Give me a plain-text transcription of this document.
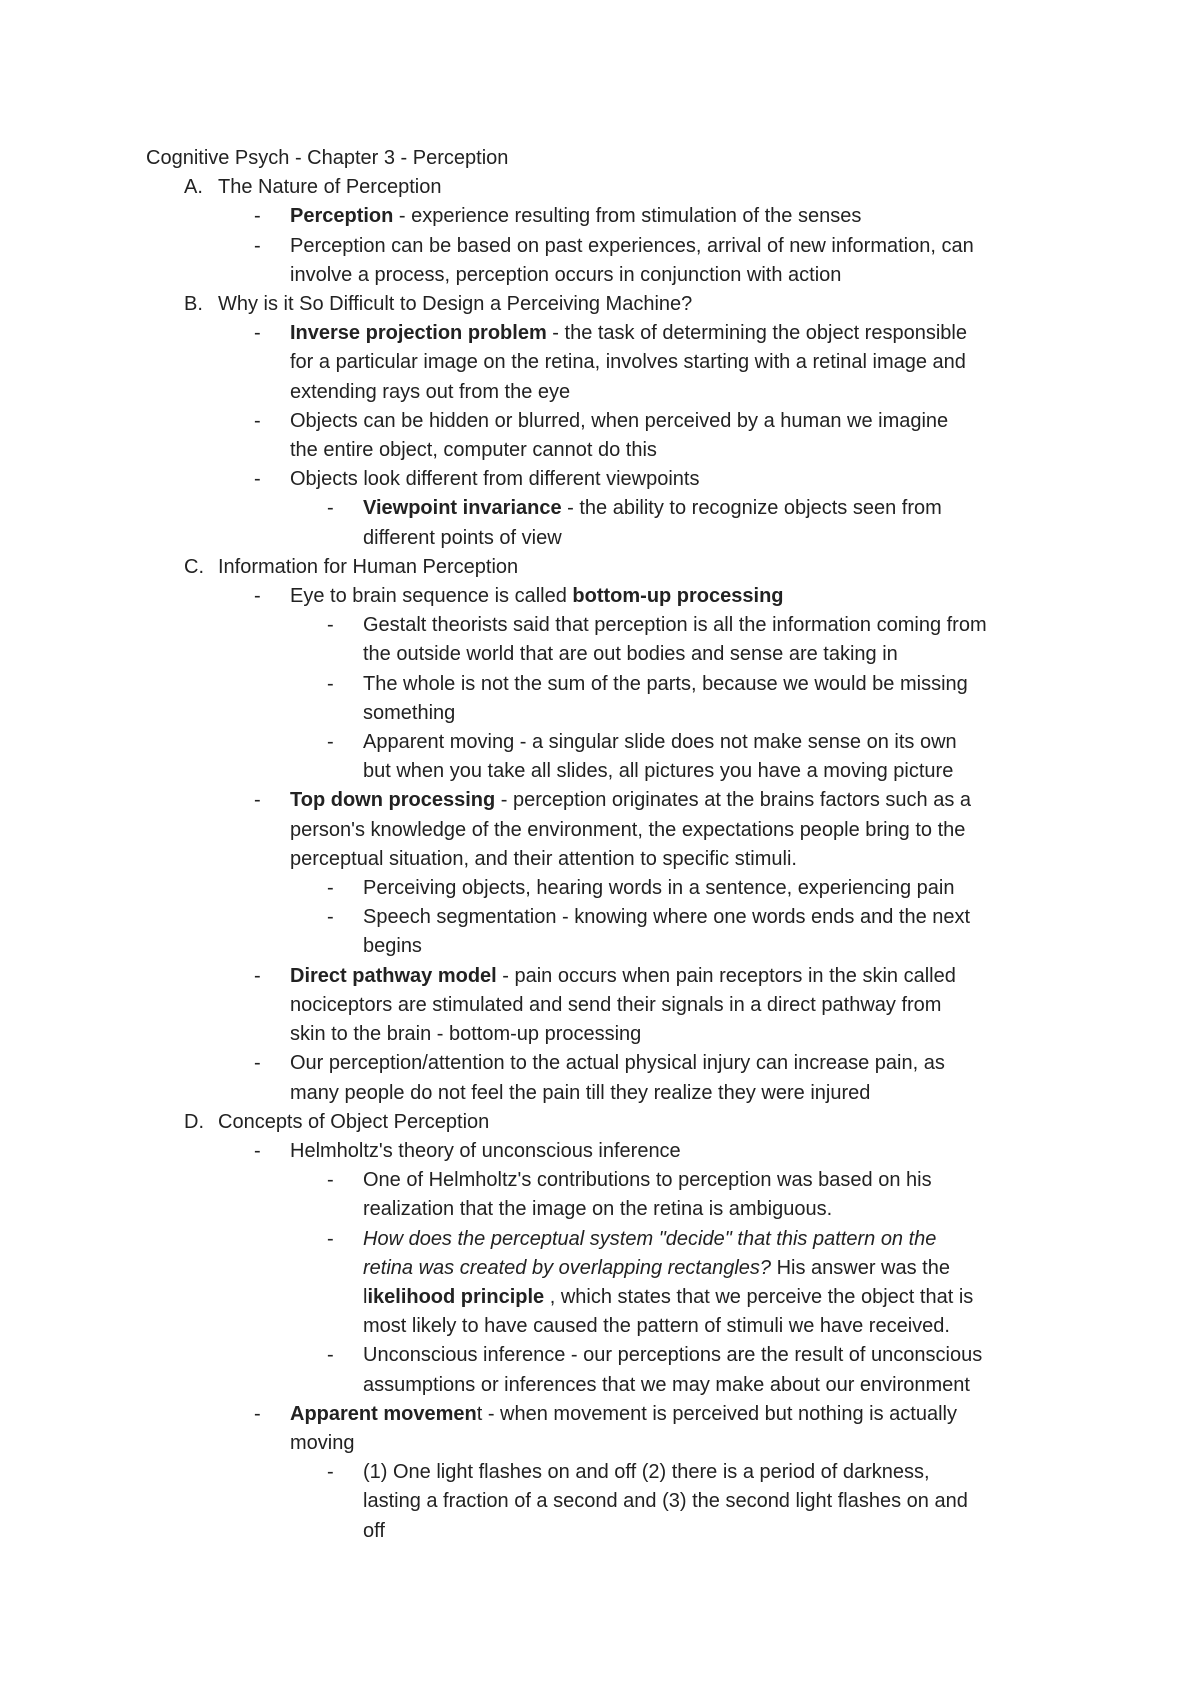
Cognitive Psych - Chapter 3 - Perception
A. The Nature of Perception
- Perception - experience resulting from stimulation of the senses
- Perception can be based on past experiences, arrival of new information, can
involve a process, perception occurs in conjunction with action
B. Why is it So Difficult to Design a Perceiving Machine?
- Inverse projection problem - the task of determining the object responsible
for a particular image on the retina, involves starting with a retinal image and
extending rays out from the eye
- Objects can be hidden or blurred, when perceived by a human we imagine
the entire object, computer cannot do this
- Objects look different from different viewpoints
- Viewpoint invariance - the ability to recognize objects seen from
different points of view
C. Information for Human Perception
- Eye to brain sequence is called bottom-up processing
- Gestalt theorists said that perception is all the information coming from
the outside world that are out bodies and sense are taking in
- The whole is not the sum of the parts, because we would be missing
something
- Apparent moving - a singular slide does not make sense on its own
but when you take all slides, all pictures you have a moving picture
- Top down processing - perception originates at the brains factors such as a
person's knowledge of the environment, the expectations people bring to the
perceptual situation, and their attention to specific stimuli.
- Perceiving objects, hearing words in a sentence, experiencing pain
- Speech segmentation - knowing where one words ends and the next
begins
- Direct pathway model - pain occurs when pain receptors in the skin called
nociceptors are stimulated and send their signals in a direct pathway from
skin to the brain - bottom-up processing
- Our perception/attention to the actual physical injury can increase pain, as
many people do not feel the pain till they realize they were injured
D. Concepts of Object Perception
- Helmholtz's theory of unconscious inference
- One of Helmholtz's contributions to perception was based on his
realization that the image on the retina is ambiguous.
- How does the perceptual system "decide" that this pattern on the
retina was created by overlapping rectangles? His answer was the
likelihood principle , which states that we perceive the object that is
most likely to have caused the pattern of stimuli we have received.
- Unconscious inference - our perceptions are the result of unconscious
assumptions or inferences that we may make about our environment
- Apparent movement - when movement is perceived but nothing is actually
moving
- (1) One light flashes on and off (2) there is a period of darkness,
lasting a fraction of a second and (3) the second light flashes on and
off
